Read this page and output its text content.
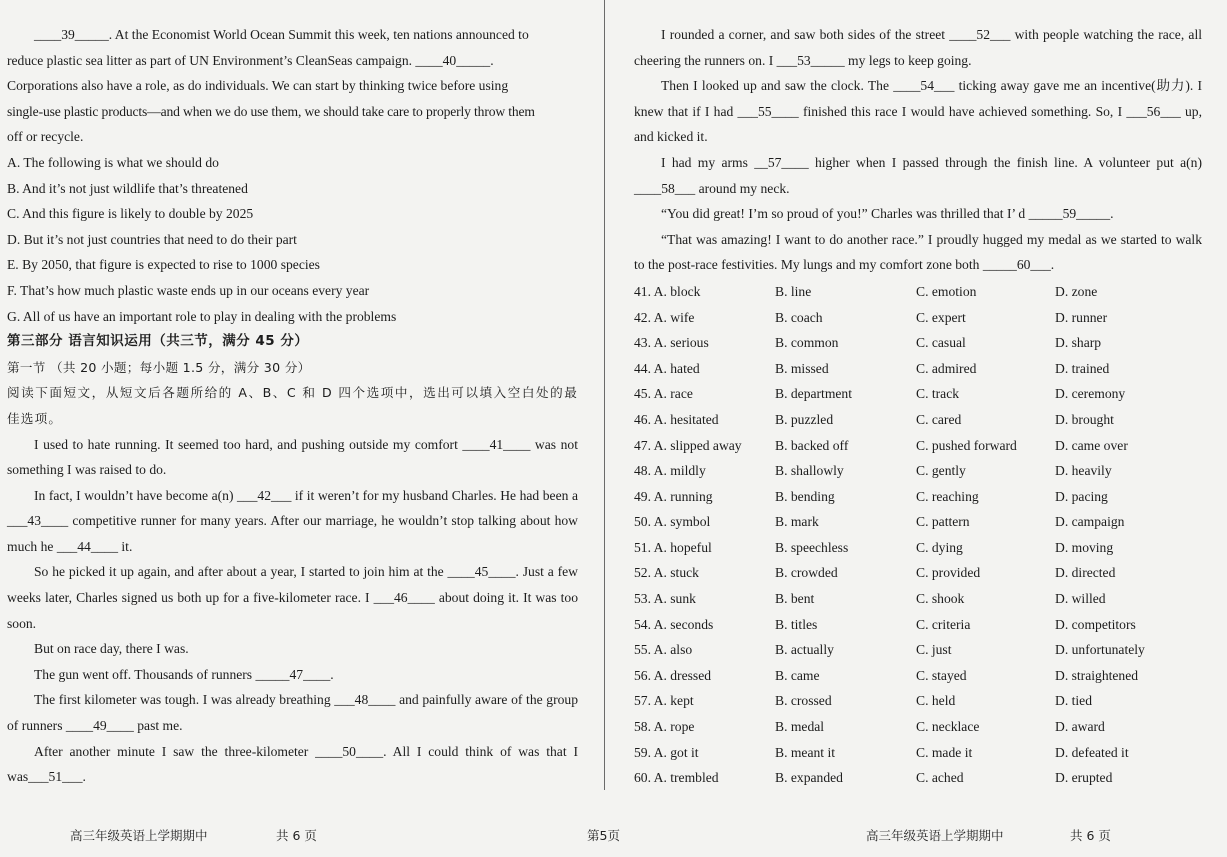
____39_____. At the Economist World Ocean Summit this week, ten nations announced to

reduce plastic sea litter as part of UN Environment’s CleanSeas campaign. ____40_____.

Corporations also have a role, as do individuals. We can start by thinking twice before using

single-use plastic products—and when we do use them, we should take care to properly throw them

off or recycle.

A. The following is what we should do

B. And it’s not just wildlife that’s threatened

C. And this figure is likely to double by 2025

D. But it’s not just countries that need to do their part

E. By 2050, that figure is expected to rise to 1000 species

F. That’s how much plastic waste ends up in our oceans every year

G. All of us have an important role to play in dealing with the problems

第三部分 语言知识运用（共三节，满分 45 分）

第一节 （共 20 小题；每小题 1.5 分，满分 30 分）

阅读下面短文，从短文后各题所给的 A、B、C 和 D 四个选项中，选出可以填入空白处的最佳选项。

I used to hate running. It seemed too hard, and pushing outside my comfort ____41____ was not something I was raised to do.

In fact, I wouldn’t have become a(n) ___42___ if it weren’t for my husband Charles. He had been a ___43____ competitive runner for many years. After our marriage, he wouldn’t stop talking about how much he ___44____ it.

So he picked it up again, and after about a year, I started to join him at the ____45____. Just a few weeks later, Charles signed us both up for a five-kilometer race. I ___46____ about doing it. It was too soon.

But on race day, there I was.

The gun went off. Thousands of runners _____47____.

The first kilometer was tough. I was already breathing ___48____ and painfully aware of the group of runners ____49____ past me.

After another minute I saw the three-kilometer ____50____. All I could think of was that I was___51___.

I rounded a corner, and saw both sides of the street ____52___ with people watching the race, all cheering the runners on. I ___53_____ my legs to keep going.

Then I looked up and saw the clock. The ____54___ ticking away gave me an incentive(助力). I knew that if I had ___55____ finished this race I would have achieved something. So, I ___56___ up, and kicked it.

I had my arms __57____ higher when I passed through the finish line. A volunteer put a(n) ____58___ around my neck.

“You did great! I’m so proud of you!” Charles was thrilled that I’ d _____59_____.

“That was amazing! I want to do another race.” I proudly hugged my medal as we started to walk to the post-race festivities. My lungs and my comfort zone both _____60___.

41. A. block	B. line	C. emotion	D. zone
42. A. wife	B. coach	C. expert	D. runner
43. A. serious	B. common	C. casual	D. sharp
44. A. hated	B. missed	C. admired	D. trained
45. A. race	B. department	C. track	D. ceremony
46. A. hesitated	B. puzzled	C. cared	D. brought
47. A. slipped away	B. backed off	C. pushed forward	D. came over
48. A. mildly	B. shallowly	C. gently	D. heavily
49. A. running	B. bending	C. reaching	D. pacing
50. A. symbol	B. mark	C. pattern	D. campaign
51. A. hopeful	B. speechless	C. dying	D. moving
52. A. stuck	B. crowded	C. provided	D. directed
53. A. sunk	B. bent	C. shook	D. willed
54. A. seconds	B. titles	C. criteria	D. competitors
55. A. also	B. actually	C. just	D. unfortunately
56. A. dressed	B. came	C. stayed	D. straightened
57. A. kept	B. crossed	C. held	D. tied
58. A. rope	B. medal	C. necklace	D. award
59. A. got it	B. meant it	C. made it	D. defeated it
60. A. trembled	B. expanded	C. ached	D. erupted
高三年级英语上学期期中	共 6 页	第5页	高三年级英语上学期期中	共 6 页
